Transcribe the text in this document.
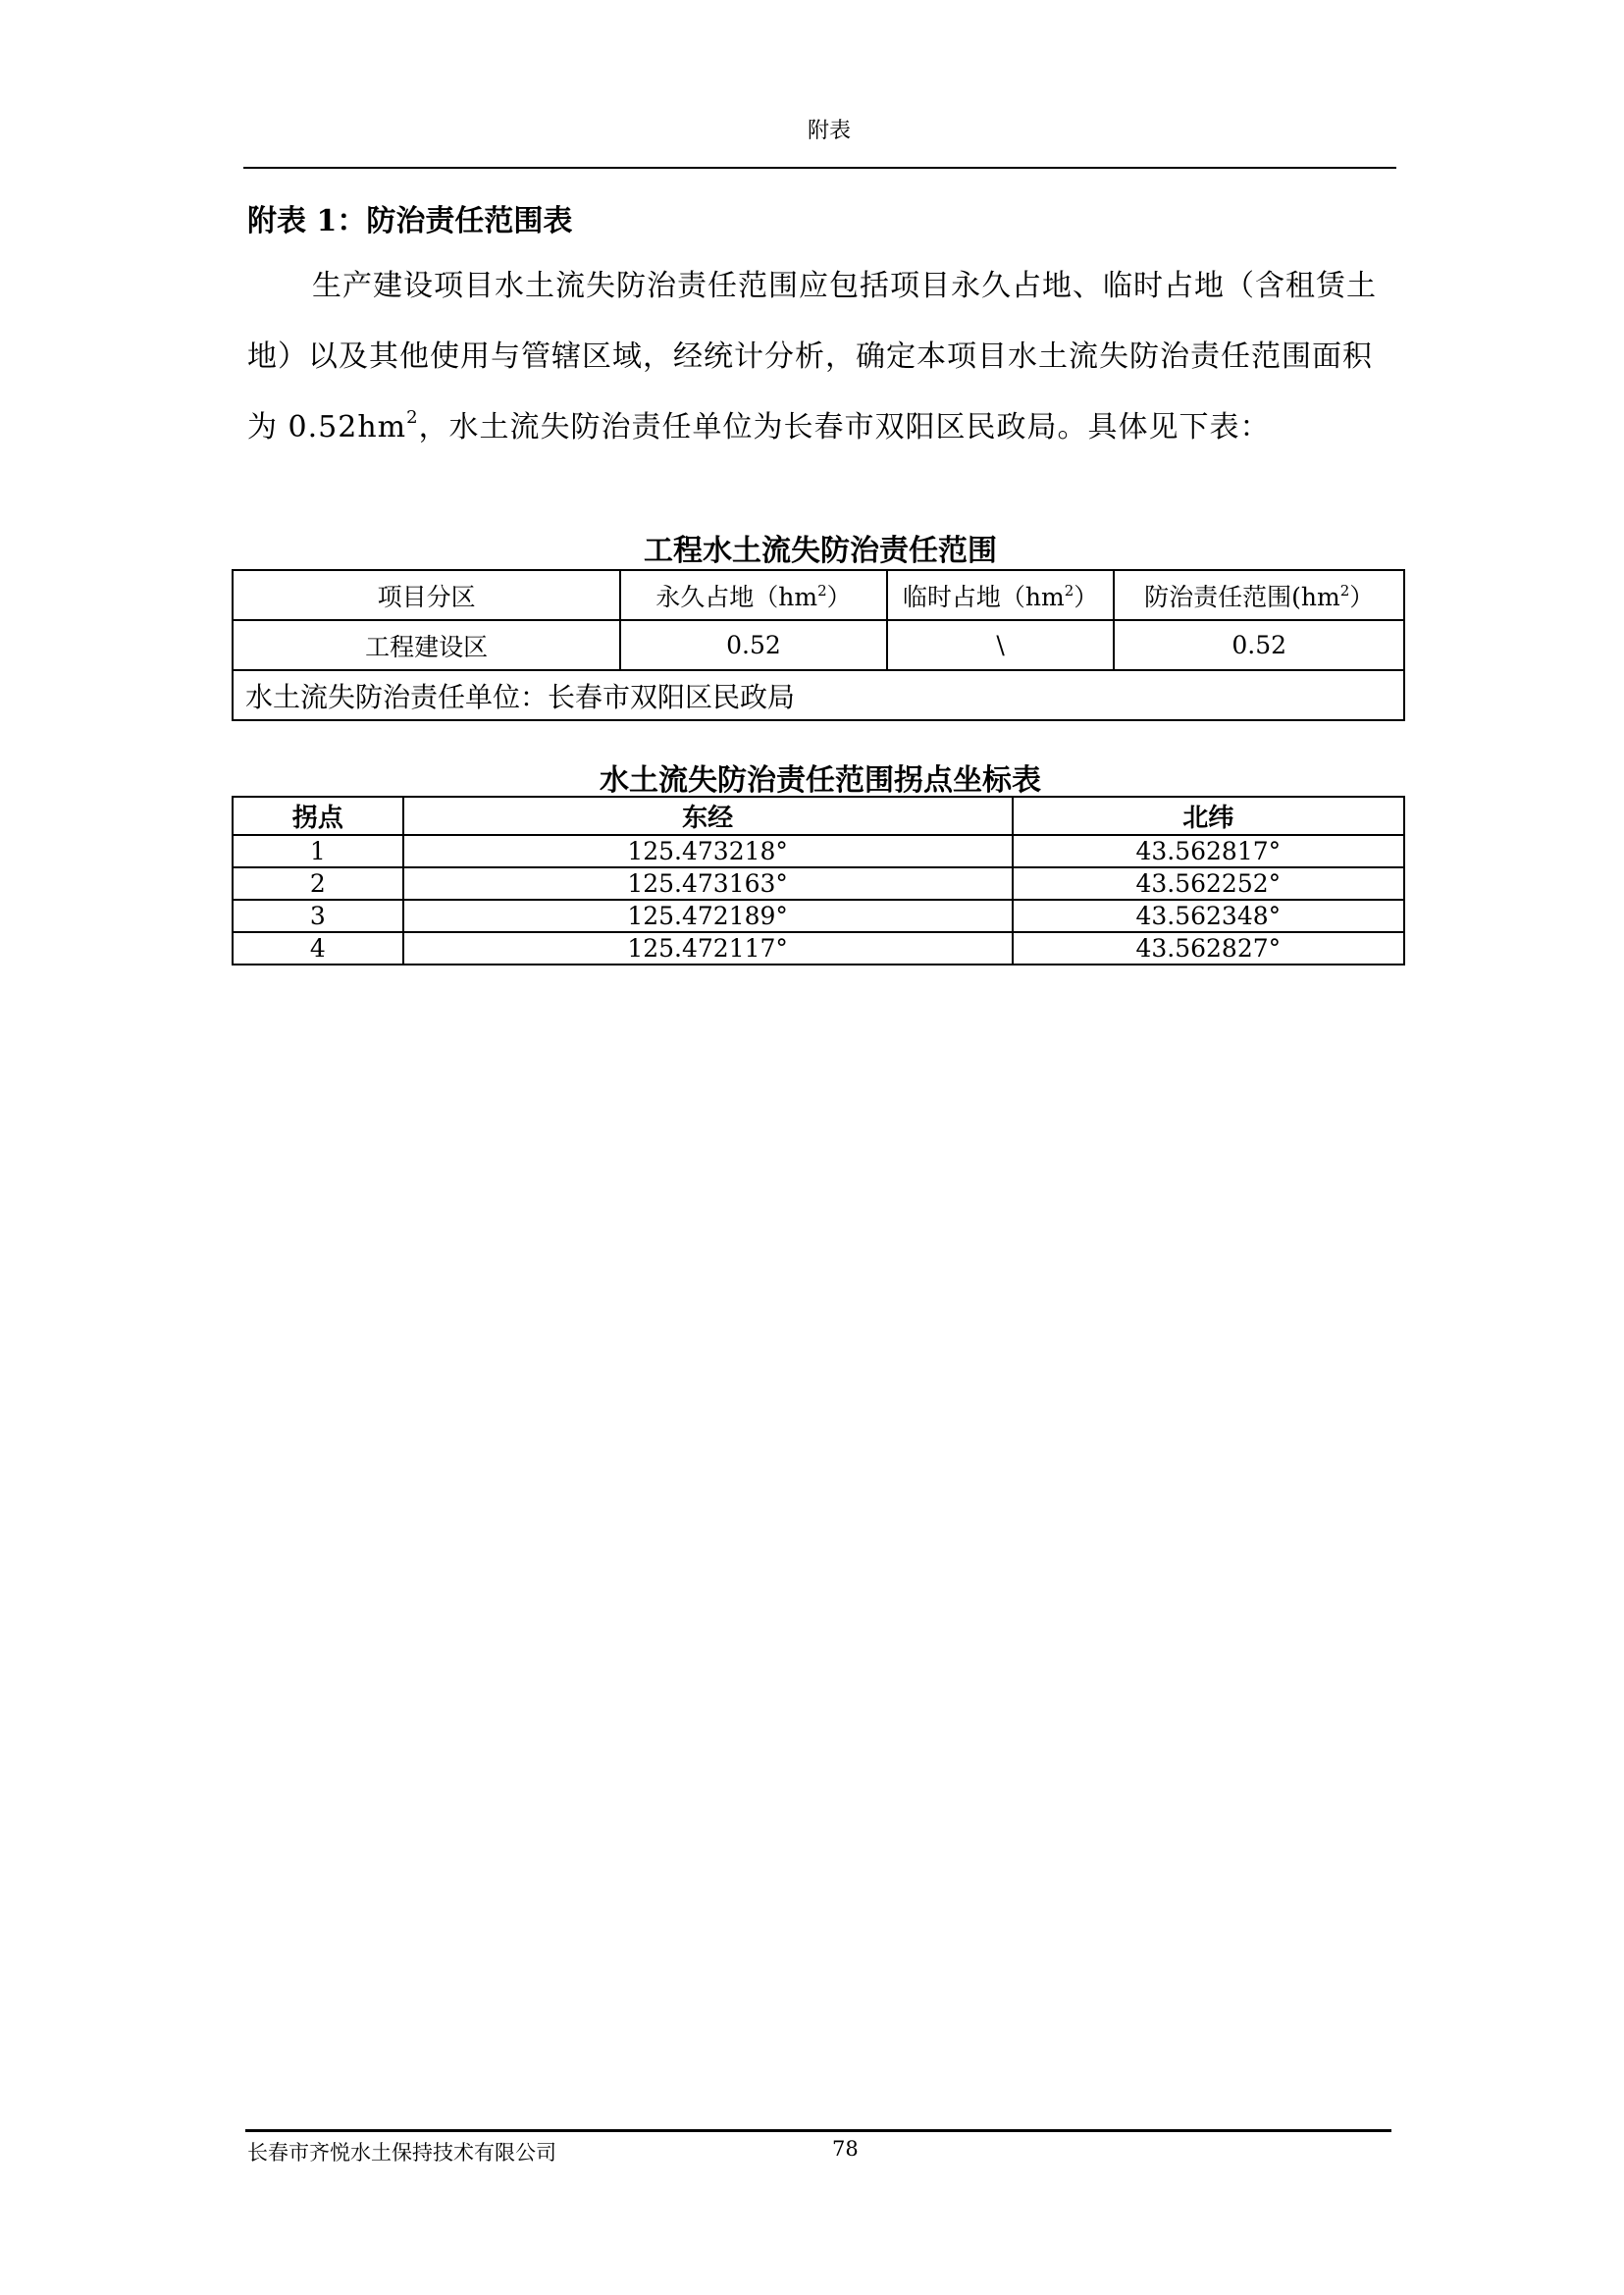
附表
附表 1：防治责任范围表
生产建设项目水土流失防治责任范围应包括项目永久占地、临时占地（含租赁土地）以及其他使用与管辖区域，经统计分析，确定本项目水土流失防治责任范围面积为 $0.52hm^2$，水土流失防治责任单位为长春市双阳区民政局。具体见下表：
工程水土流失防治责任范围
项目分区	永久占地$(hm^2)$	临时占地$(hm^2)$	防治责任范围$(hm^2)$
工程建设区	0.52	\	0.52
水土流失防治责任单位：长春市双阳区民政局			
水土流失防治责任范围拐点坐标表
拐点	东经	北纬
1	125.473218°	43.562817°
2	125.473163°	43.562252°
3	125.472189°	43.562348°
4	125.472117°	43.562827°
长春市齐悦水土保持技术有限公司	78
